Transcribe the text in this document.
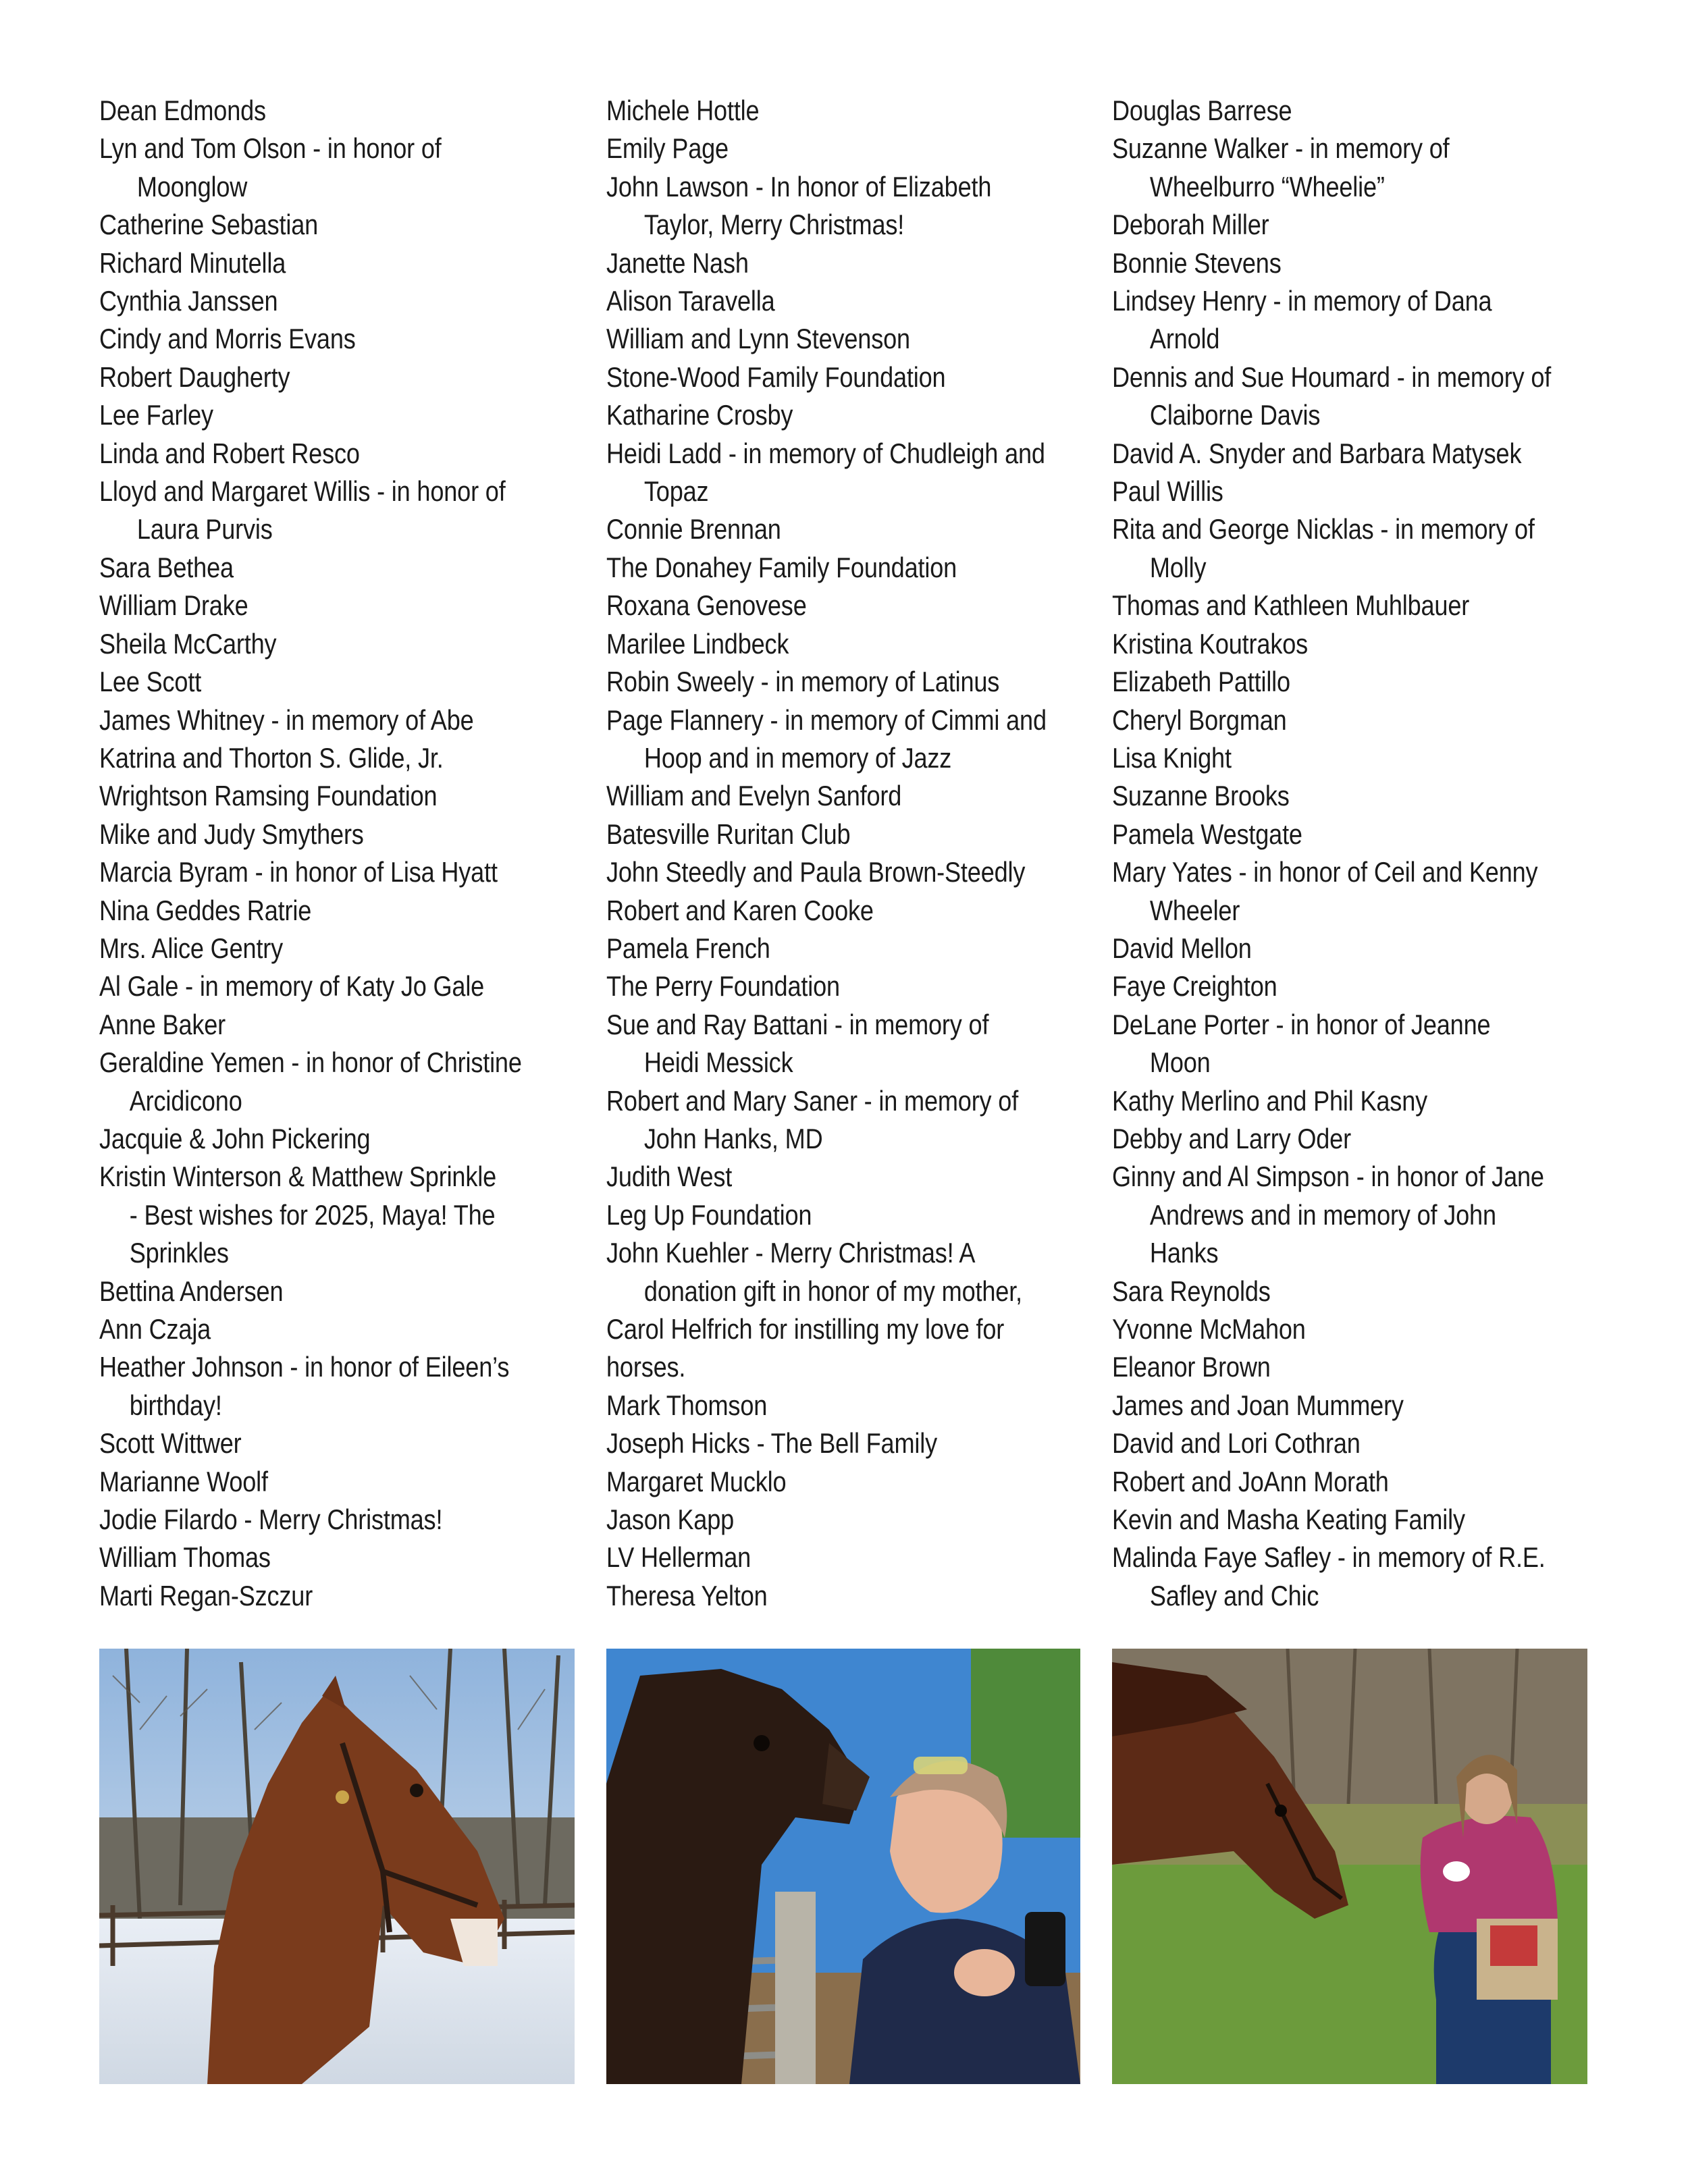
Dean Edmonds
Lyn and Tom Olson - in honor of
Moonglow
Catherine Sebastian
Richard Minutella
Cynthia Janssen
Cindy and Morris Evans
Robert Daugherty
Lee Farley
Linda and Robert Resco
Lloyd and Margaret Willis - in honor of
Laura Purvis
Sara Bethea
William Drake
Sheila McCarthy
Lee Scott
James Whitney - in memory of Abe
Katrina and Thorton S. Glide, Jr.
Wrightson Ramsing Foundation
Mike and Judy Smythers
Marcia Byram - in honor of Lisa Hyatt
Nina Geddes Ratrie
Mrs. Alice Gentry
Al Gale - in memory of Katy Jo Gale
Anne Baker
Geraldine Yemen - in honor of Christine
Arcidicono
Jacquie & John Pickering
Kristin Winterson & Matthew Sprinkle
- Best wishes for 2025, Maya! The
Sprinkles
Bettina Andersen
Ann Czaja
Heather Johnson - in honor of Eileen’s
birthday!
Scott Wittwer
Marianne Woolf
Jodie Filardo - Merry Christmas!
William Thomas
Marti Regan-Szczur
Michele Hottle
Emily Page
John Lawson - In honor of Elizabeth
Taylor, Merry Christmas!
Janette Nash
Alison Taravella
William and Lynn Stevenson
Stone-Wood Family Foundation
Katharine Crosby
Heidi Ladd - in memory of Chudleigh and
Topaz
Connie Brennan
The Donahey Family Foundation
Roxana Genovese
Marilee Lindbeck
Robin Sweely - in memory of Latinus
Page Flannery - in memory of Cimmi and
Hoop and in memory of Jazz
William and Evelyn Sanford
Batesville Ruritan Club
John Steedly and Paula Brown-Steedly
Robert and Karen Cooke
Pamela French
The Perry Foundation
Sue and Ray Battani - in memory of
Heidi Messick
Robert and Mary Saner - in memory of
John Hanks, MD
Judith West
Leg Up Foundation
John Kuehler - Merry Christmas! A
donation gift in honor of my mother,
Carol Helfrich for instilling my love for
horses.
Mark Thomson
Joseph Hicks - The Bell Family
Margaret Mucklo
Jason Kapp
LV Hellerman
Theresa Yelton
Douglas Barrese
Suzanne Walker - in memory of
Wheelburro “Wheelie”
Deborah Miller
Bonnie Stevens
Lindsey Henry - in memory of Dana
Arnold
Dennis and Sue Houmard - in memory of
Claiborne Davis
David A. Snyder and Barbara Matysek
Paul Willis
Rita and George Nicklas - in memory of
Molly
Thomas and Kathleen Muhlbauer
Kristina Koutrakos
Elizabeth Pattillo
Cheryl Borgman
Lisa Knight
Suzanne Brooks
Pamela Westgate
Mary Yates - in honor of Ceil and Kenny
Wheeler
David Mellon
Faye Creighton
DeLane Porter - in honor of Jeanne
Moon
Kathy Merlino and Phil Kasny
Debby and Larry Oder
Ginny and Al Simpson - in honor of Jane
Andrews and in memory of John
Hanks
Sara Reynolds
Yvonne McMahon
Eleanor Brown
James and Joan Mummery
David and Lori Cothran
Robert and JoAnn Morath
Kevin and Masha Keating Family
Malinda Faye Safley - in memory of R.E.
Safley and Chic
